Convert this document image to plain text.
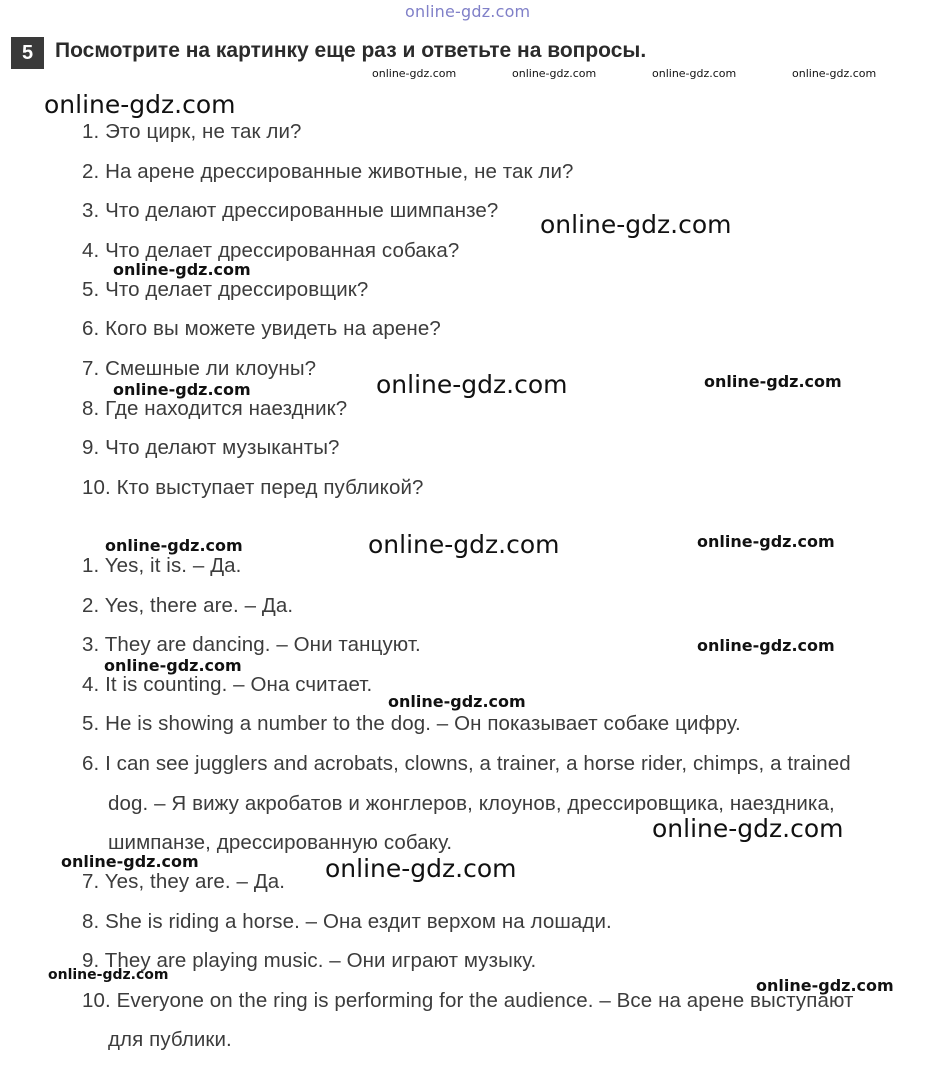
online-gdz.com
5	Посмотрите на картинку еще раз и ответьте на вопросы.
1. Это цирк, не так ли?
2. На арене дрессированные животные, не так ли?
3. Что делают дрессированные шимпанзе?
4. Что делает дрессированная собака?
5. Что делает дрессировщик?
6. Кого вы можете увидеть на арене?
7. Смешные ли клоуны?
8. Где находится наездник?
9. Что делают музыканты?
10. Кто выступает перед публикой?
1. Yes, it is. – Да.
2. Yes, there are. – Да.
3. They are dancing. – Они танцуют.
4. It is counting. – Она считает.
5. He is showing a number to the dog. – Он показывает собаке цифру.
6. I can see jugglers and acrobats, clowns, a trainer, a horse rider, chimps, a trained
dog. – Я вижу акробатов и жонглеров, клоунов, дрессировщика, наездника,
шимпанзе, дрессированную собаку.
7. Yes, they are. – Да.
8. She is riding a horse. – Она ездит верхом на лошади.
9. They are playing music. – Они играют музыку.
10. Everyone on the ring is performing for the audience. – Все на арене выступают
для публики.
online-gdz.com	online-gdz.com	online-gdz.com	online-gdz.com
online-gdz.com
online-gdz.com
online-gdz.com
online-gdz.com
online-gdz.com	online-gdz.com
online-gdz.com
online-gdz.com	online-gdz.com
online-gdz.com
online-gdz.com
online-gdz.com
online-gdz.com
online-gdz.com	online-gdz.com
online-gdz.com
online-gdz.com
